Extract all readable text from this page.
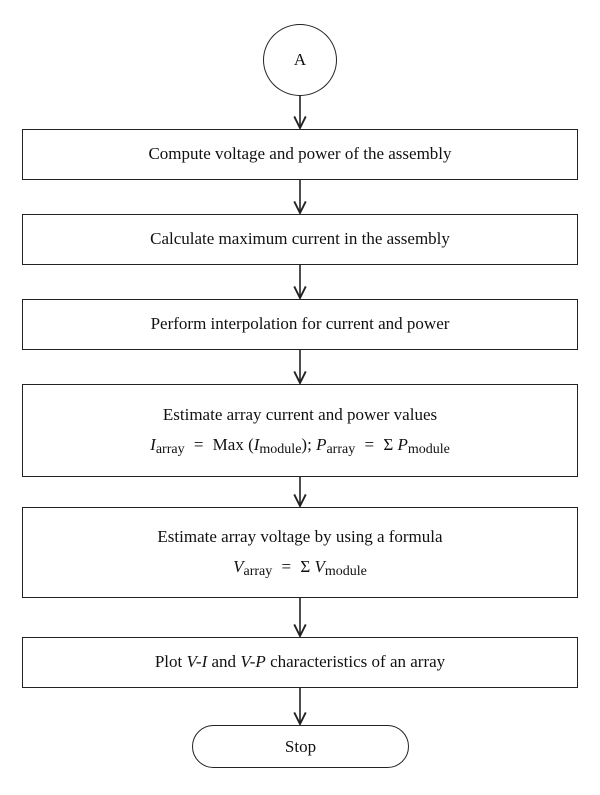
A
Compute voltage and power of the assembly
Calculate maximum current in the assembly
Perform interpolation for current and power
Estimate array current and power values
Iarray = Max (Imodule); Parray = Σ Pmodule
Estimate array voltage by using a formula
Varray = Σ Vmodule
Plot V-I and V-P characteristics of an array
Stop
